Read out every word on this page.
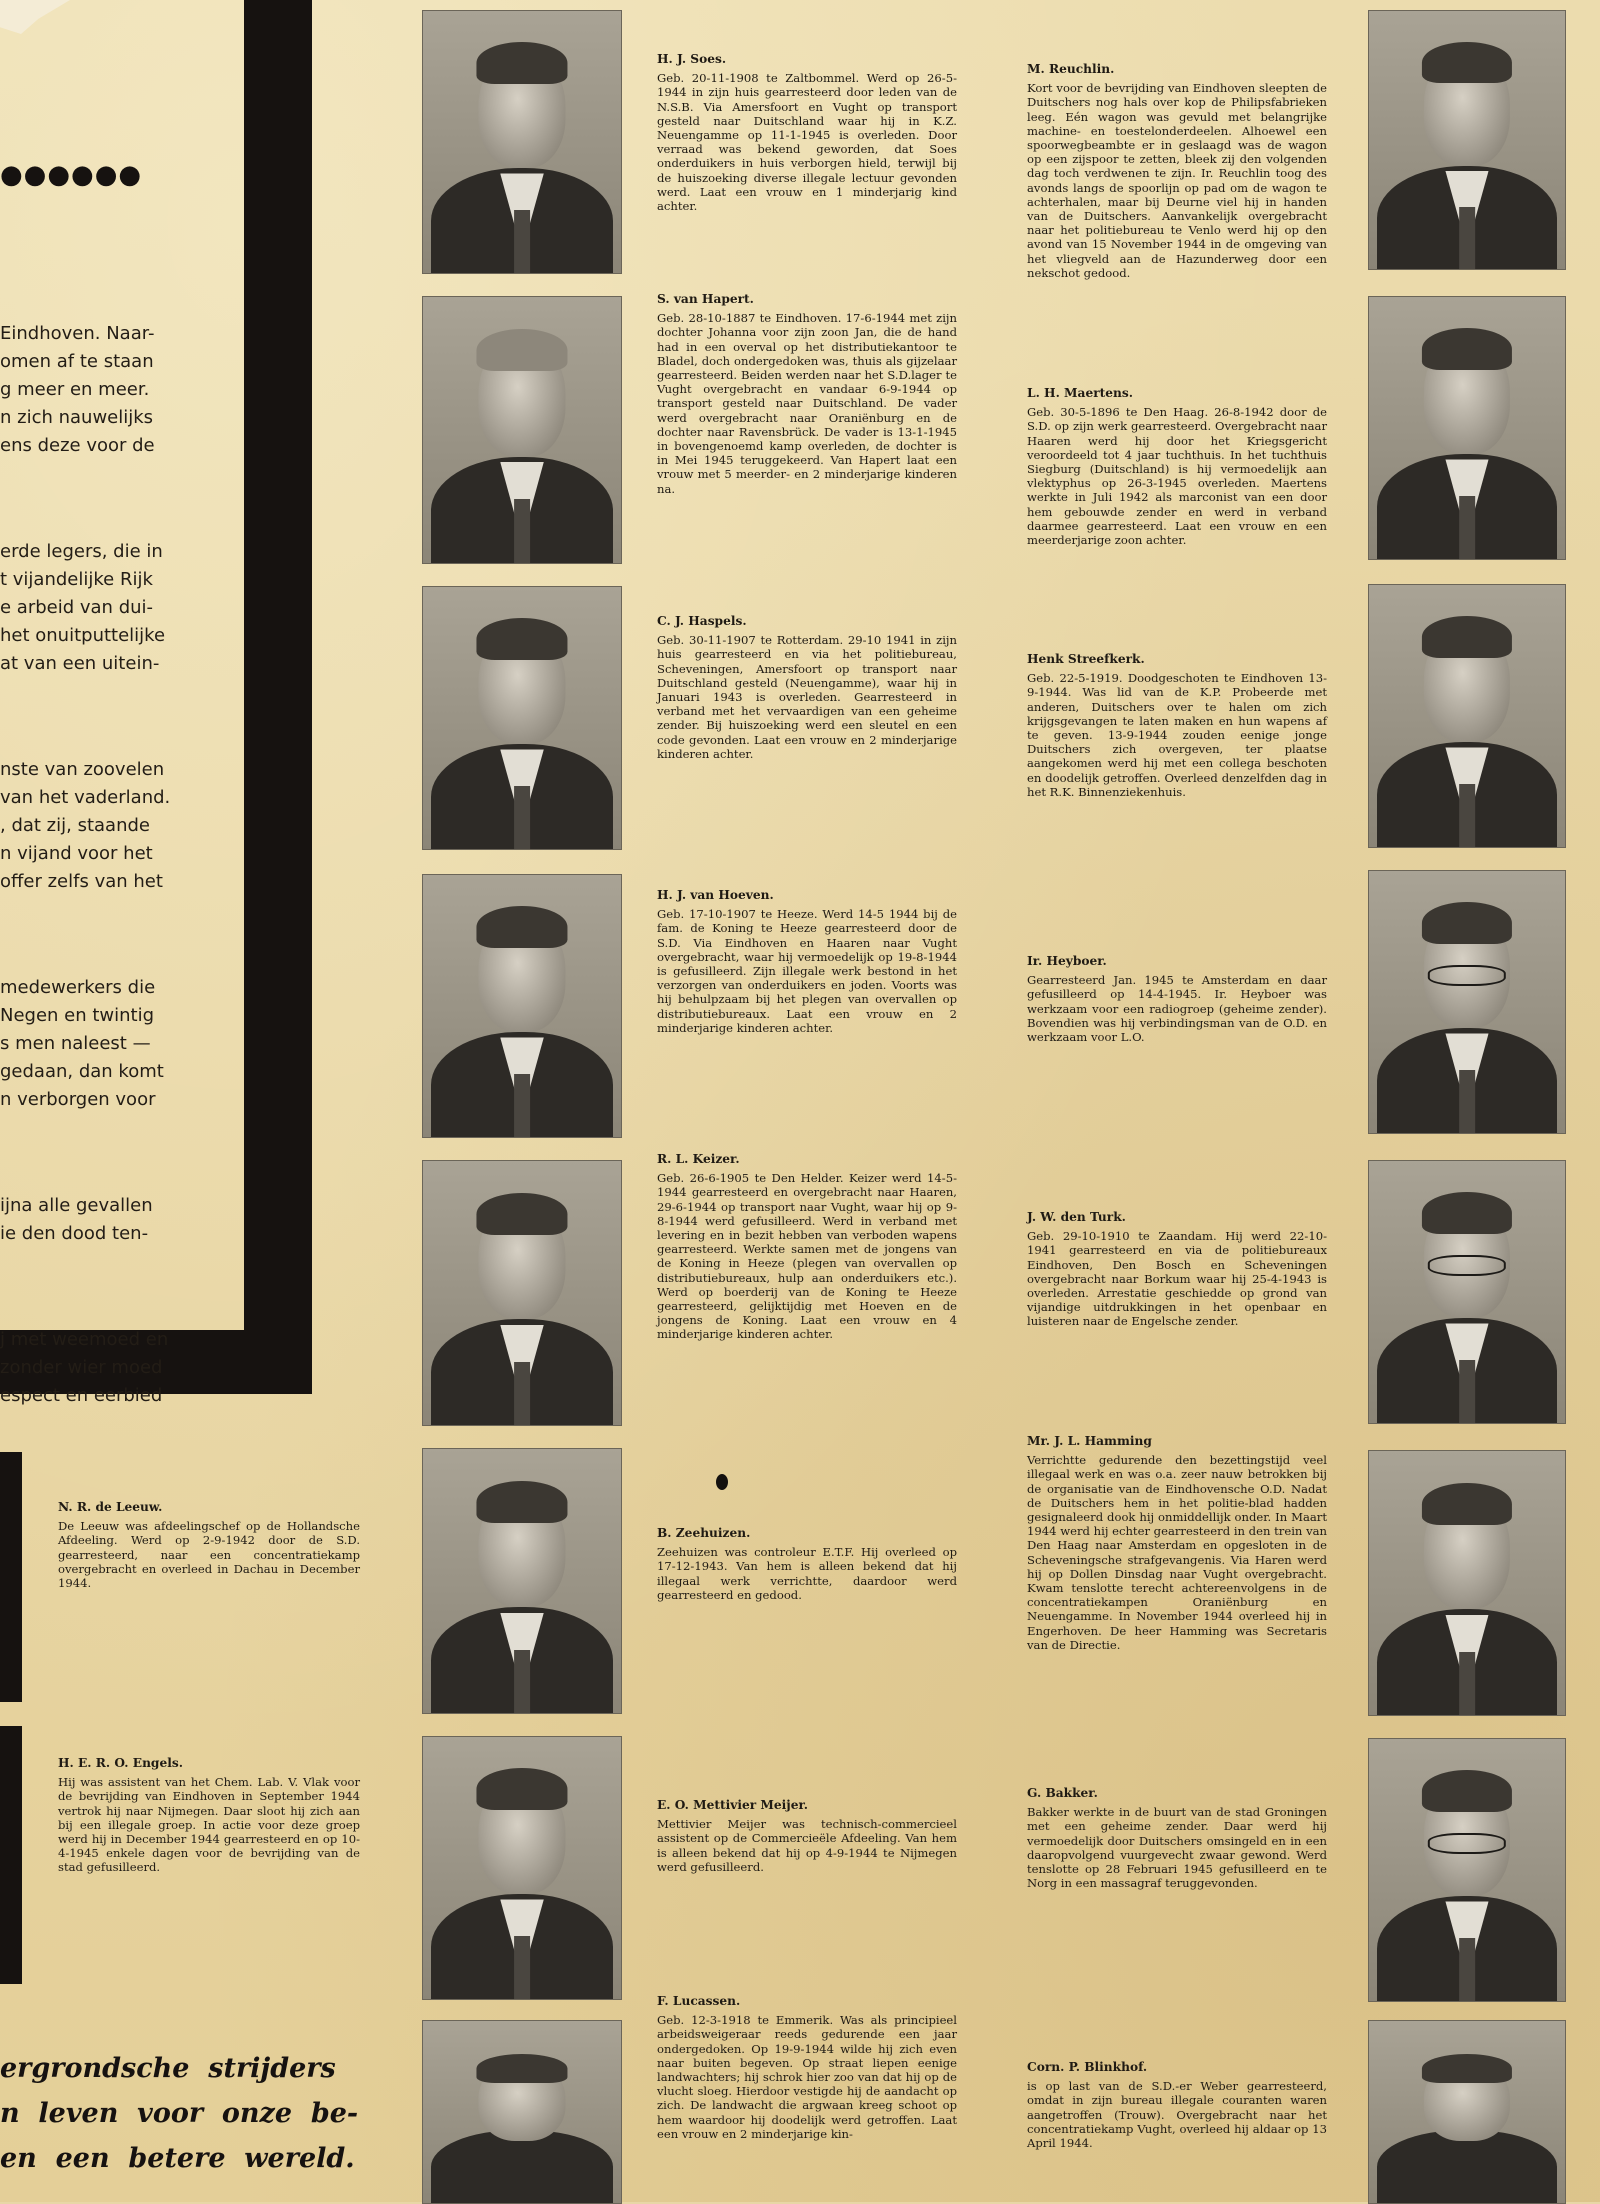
●●●●●●

Eindhoven. Naar-
omen af te staan
g meer en meer.
n zich nauwelijks
ens deze voor de

erde legers, die in
t vijandelijke Rijk
e arbeid van dui-
het onuitputtelijke
at van een uitein-

nste van zoovelen
van het vaderland.
, dat zij, staande
n vijand voor het
offer zelfs van het

medewerkers die
Negen en twintig
s men naleest —
gedaan, dan komt
n verborgen voor

ijna alle gevallen
ie den dood ten-

j met weemoed en
zonder wier moed
espect en eerbied

ergrondsche  strijders
n  leven  voor  onze  be-
en  een  betere  wereld.

N. R. de Leeuw.

De Leeuw was afdeelingschef op de Hollandsche Afdeeling. Werd op 2-9-1942 door de S.D. gearresteerd, naar een concentratiekamp overgebracht en overleed in Dachau in December 1944.

H. E. R. O. Engels.

Hij was assistent van het Chem. Lab. V. Vlak voor de bevrijding van Eindhoven in September 1944 vertrok hij naar Nijmegen. Daar sloot hij zich aan bij een illegale groep. In actie voor deze groep werd hij in December 1944 gearresteerd en op 10-4-1945 enkele dagen voor de bevrijding van de stad gefusilleerd.

H. J. Soes.

Geb. 20-11-1908 te Zaltbommel. Werd op 26-5-1944 in zijn huis gearresteerd door leden van de N.S.B. Via Amersfoort en Vught op transport gesteld naar Duitschland waar hij in K.Z. Neuengamme op 11-1-1945 is overleden. Door verraad was bekend geworden, dat Soes onderduikers in huis verborgen hield, terwijl bij de huiszoeking diverse illegale lectuur gevonden werd. Laat een vrouw en 1 minderjarig kind achter.

S. van Hapert.

Geb. 28-10-1887 te Eindhoven. 17-6-1944 met zijn dochter Johanna voor zijn zoon Jan, die de hand had in een overval op het distributiekantoor te Bladel, doch ondergedoken was, thuis als gijzelaar gearresteerd. Beiden werden naar het S.D.lager te Vught overgebracht en vandaar 6-9-1944 op transport gesteld naar Duitschland. De vader werd overgebracht naar Oraniënburg en de dochter naar Ravensbrück. De vader is 13-1-1945 in bovengenoemd kamp overleden, de dochter is in Mei 1945 teruggekeerd. Van Hapert laat een vrouw met 5 meerder- en 2 minderjarige kinderen na.

C. J. Haspels.

Geb. 30-11-1907 te Rotterdam. 29-10 1941 in zijn huis gearresteerd en via het politiebureau, Scheveningen, Amersfoort op transport naar Duitschland gesteld (Neuengamme), waar hij in Januari 1943 is overleden. Gearresteerd in verband met het vervaardigen van een geheime zender. Bij huiszoeking werd een sleutel en een code gevonden. Laat een vrouw en 2 minderjarige kinderen achter.

H. J. van Hoeven.

Geb. 17-10-1907 te Heeze. Werd 14-5 1944 bij de fam. de Koning te Heeze gearresteerd door de S.D. Via Eindhoven en Haaren naar Vught overgebracht, waar hij vermoedelijk op 19-8-1944 is gefusilleerd. Zijn illegale werk bestond in het verzorgen van onderduikers en joden. Voorts was hij behulpzaam bij het plegen van overvallen op distributiebureaux. Laat een vrouw en 2 minderjarige kinderen achter.

R. L. Keizer.

Geb. 26-6-1905 te Den Helder. Keizer werd 14-5-1944 gearresteerd en overgebracht naar Haaren, 29-6-1944 op transport naar Vught, waar hij op 9-8-1944 werd gefusilleerd. Werd in verband met levering en in bezit hebben van verboden wapens gearresteerd. Werkte samen met de jongens van de Koning in Heeze (plegen van overvallen op distributiebureaux, hulp aan onderduikers etc.). Werd op boerderij van de Koning te Heeze gearresteerd, gelijktijdig met Hoeven en de jongens de Koning. Laat een vrouw en 4 minderjarige kinderen achter.

B. Zeehuizen.

Zeehuizen was controleur E.T.F. Hij overleed op 17-12-1943. Van hem is alleen bekend dat hij illegaal werk verrichtte, daardoor werd gearresteerd en gedood.

E. O. Mettivier Meijer.

Mettivier Meijer was technisch-commercieel assistent op de Commercieële Afdeeling. Van hem is alleen bekend dat hij op 4-9-1944 te Nijmegen werd gefusilleerd.

F. Lucassen.

Geb. 12-3-1918 te Emmerik. Was als principieel arbeidsweigeraar reeds gedurende een jaar ondergedoken. Op 19-9-1944 wilde hij zich even naar buiten begeven. Op straat liepen eenige landwachters; hij schrok hier zoo van dat hij op de vlucht sloeg. Hierdoor vestigde hij de aandacht op zich. De landwacht die argwaan kreeg schoot op hem waardoor hij doodelijk werd getroffen. Laat een vrouw en 2 minderjarige kin-

M. Reuchlin.

Kort voor de bevrijding van Eindhoven sleepten de Duitschers nog hals over kop de Philipsfabrieken leeg. Eén wagon was gevuld met belangrijke machine- en toestelonderdeelen. Alhoewel een spoorwegbeambte er in geslaagd was de wagon op een zijspoor te zetten, bleek zij den volgenden dag toch verdwenen te zijn. Ir. Reuchlin toog des avonds langs de spoorlijn op pad om de wagon te achterhalen, maar bij Deurne viel hij in handen van de Duitschers. Aanvankelijk overgebracht naar het politiebureau te Venlo werd hij op den avond van 15 November 1944 in de omgeving van het vliegveld aan de Hazunderweg door een nekschot gedood.

L. H. Maertens.

Geb. 30-5-1896 te Den Haag. 26-8-1942 door de S.D. op zijn werk gearresteerd. Overgebracht naar Haaren werd hij door het Kriegsgericht veroordeeld tot 4 jaar tuchthuis. In het tuchthuis Siegburg (Duitschland) is hij vermoedelijk aan vlektyphus op 26-3-1945 overleden. Maertens werkte in Juli 1942 als marconist van een door hem gebouwde zender en werd in verband daarmee gearresteerd. Laat een vrouw en een meerderjarige zoon achter.

Henk Streefkerk.

Geb. 22-5-1919. Doodgeschoten te Eindhoven 13-9-1944. Was lid van de K.P. Probeerde met anderen, Duitschers over te halen om zich krijgsgevangen te laten maken en hun wapens af te geven. 13-9-1944 zouden eenige jonge Duitschers zich overgeven, ter plaatse aangekomen werd hij met een collega beschoten en doodelijk getroffen. Overleed denzelfden dag in het R.K. Binnenziekenhuis.

Ir. Heyboer.

Gearresteerd Jan. 1945 te Amsterdam en daar gefusilleerd op 14-4-1945. Ir. Heyboer was werkzaam voor een radiogroep (geheime zender). Bovendien was hij verbindingsman van de O.D. en werkzaam voor L.O.

J. W. den Turk.

Geb. 29-10-1910 te Zaandam. Hij werd 22-10-1941 gearresteerd en via de politiebureaux Eindhoven, Den Bosch en Scheveningen overgebracht naar Borkum waar hij 25-4-1943 is overleden. Arrestatie geschiedde op grond van vijandige uitdrukkingen in het openbaar en luisteren naar de Engelsche zender.

Mr. J. L. Hamming

Verrichtte gedurende den bezettingstijd veel illegaal werk en was o.a. zeer nauw betrokken bij de organisatie van de Eindhovensche O.D. Nadat de Duitschers hem in het politie-blad hadden gesignaleerd dook hij onmiddellijk onder. In Maart 1944 werd hij echter gearresteerd in den trein van Den Haag naar Amsterdam en opgesloten in de Scheveningsche strafgevangenis. Via Haren werd hij op Dollen Dinsdag naar Vught overgebracht. Kwam tenslotte terecht achtereenvolgens in de concentratiekampen Oraniënburg en Neuengamme. In November 1944 overleed hij in Engerhoven. De heer Hamming was Secretaris van de Directie.

G. Bakker.

Bakker werkte in de buurt van de stad Groningen met een geheime zender. Daar werd hij vermoedelijk door Duitschers omsingeld en in een daaropvolgend vuurgevecht zwaar gewond. Werd tenslotte op 28 Februari 1945 gefusilleerd en te Norg in een massagraf teruggevonden.

Corn. P. Blinkhof.

is op last van de S.D.-er Weber gearresteerd, omdat in zijn bureau illegale couranten waren aangetroffen (Trouw). Overgebracht naar het concentratiekamp Vught, overleed hij aldaar op 13 April 1944.
